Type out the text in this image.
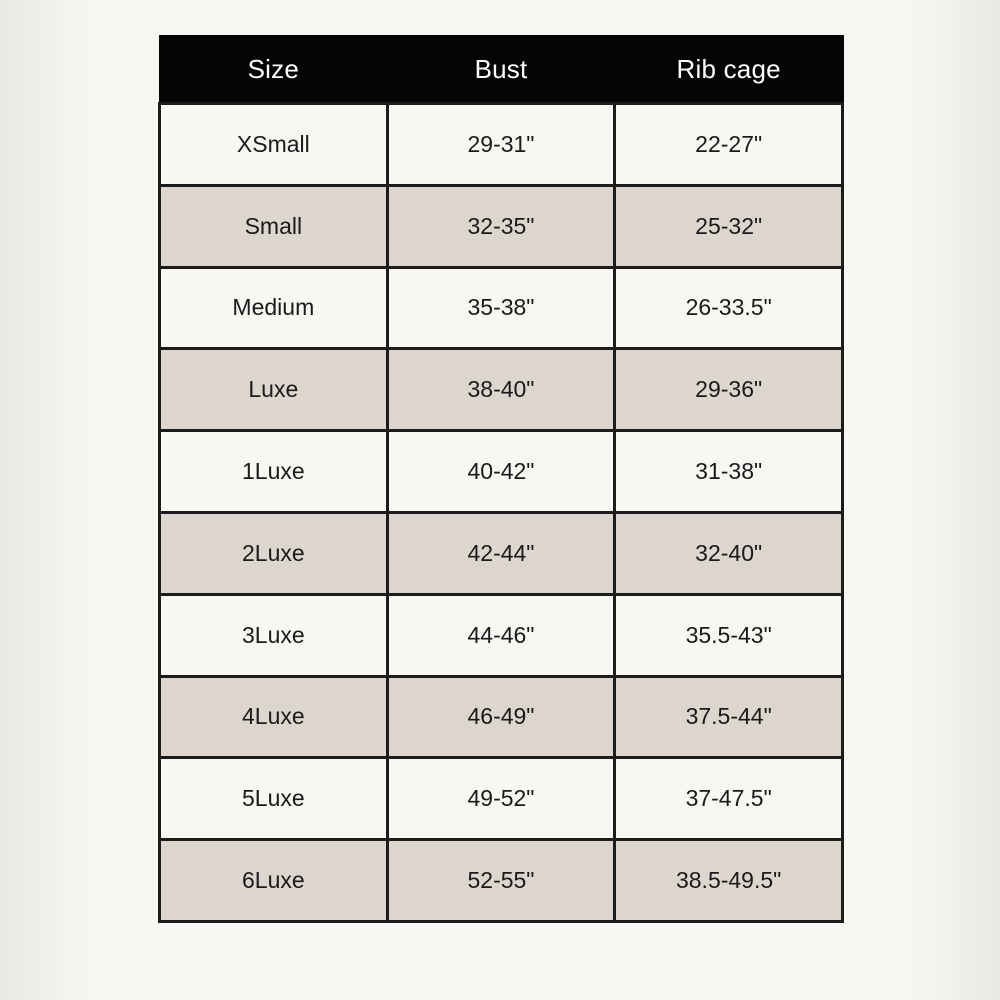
Size	Bust	Rib cage
XSmall	29-31"	22-27"
Small	32-35"	25-32"
Medium	35-38"	26-33.5"
Luxe	38-40"	29-36"
1Luxe	40-42"	31-38"
2Luxe	42-44"	32-40"
3Luxe	44-46"	35.5-43"
4Luxe	46-49"	37.5-44"
5Luxe	49-52"	37-47.5"
6Luxe	52-55"	38.5-49.5"
